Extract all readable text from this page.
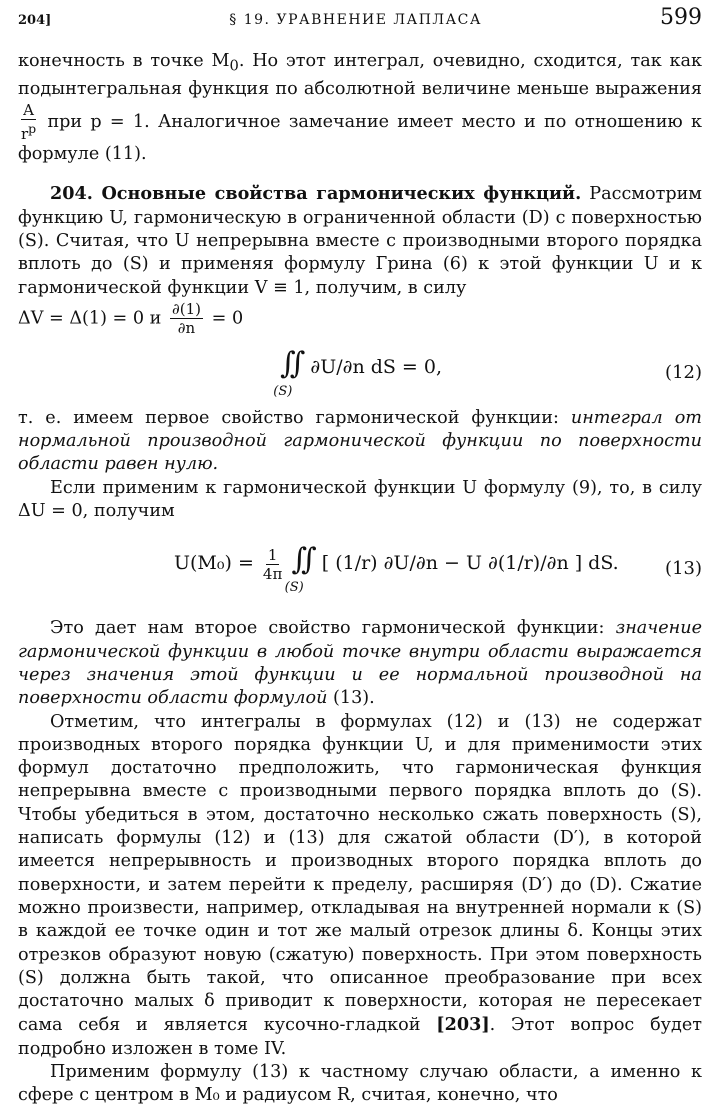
204]	§ 19. УРАВНЕНИЕ ЛАПЛАСА	599

конечность в точке $M_0$. Но этот интеграл, очевидно, сходится, так как подынтегральная функция по абсолютной величине меньше выражения
$\frac{A}{r^p}$ при p = 1. Аналогичное замечание имеет место и по отношению к формуле (11).

204. Основные свойства гармонических функций. Рассмотрим функцию U, гармоническую в ограниченной области (D) с поверхностью (S). Считая, что U непрерывна вместе с производными второго порядка вплоть до (S) и применяя формулу Грина (6) к этой функции U и к гармонической функции V ≡ 1, получим, в силу

ΔV = Δ(1) = 0 и $\frac{\partial(1)}{\partial n} = 0$

$\int\int_{(S)}$ ∂U/∂n dS = 0,	(12)

т. е. имеем первое свойство гармонической функции: интеграл от нормальной производной гармонической функции по поверхности области равен нулю.

Если применим к гармонической функции U формулу (9), то, в силу ΔU = 0, получим

$U(M_0) = \frac{1}{4\pi} \int\int_{(S)}$ [ (1/r) ∂U/∂n − U ∂(1/r)/∂n ] dS.	(13)

Это дает нам второе свойство гармонической функции: значение гармонической функции в любой точке внутри области выражается через значения этой функции и ее нормальной производной на поверхности области формулой (13).

Отметим, что интегралы в формулах (12) и (13) не содержат производных второго порядка функции U, и для применимости этих формул достаточно предположить, что гармоническая функция непрерывна вместе с производными первого порядка вплоть до (S). Чтобы убедиться в этом, достаточно несколько сжать поверхность (S), написать формулы (12) и (13) для сжатой области (D′), в которой имеется непрерывность и производных второго порядка вплоть до поверхности, и затем перейти к пределу, расширяя (D′) до (D). Сжатие можно произвести, например, откладывая на внутренней нормали к (S) в каждой ее точке один и тот же малый отрезок длины δ. Концы этих отрезков образуют новую (сжатую) поверхность. При этом поверхность (S) должна быть такой, что описанное преобразование при всех достаточно малых δ приводит к поверхности, которая не пересекает сама себя и является кусочно-гладкой [203]. Этот вопрос будет подробно изложен в томе IV.

Применим формулу (13) к частному случаю области, а именно к сфере с центром в M₀ и радиусом R, считая, конечно, что
